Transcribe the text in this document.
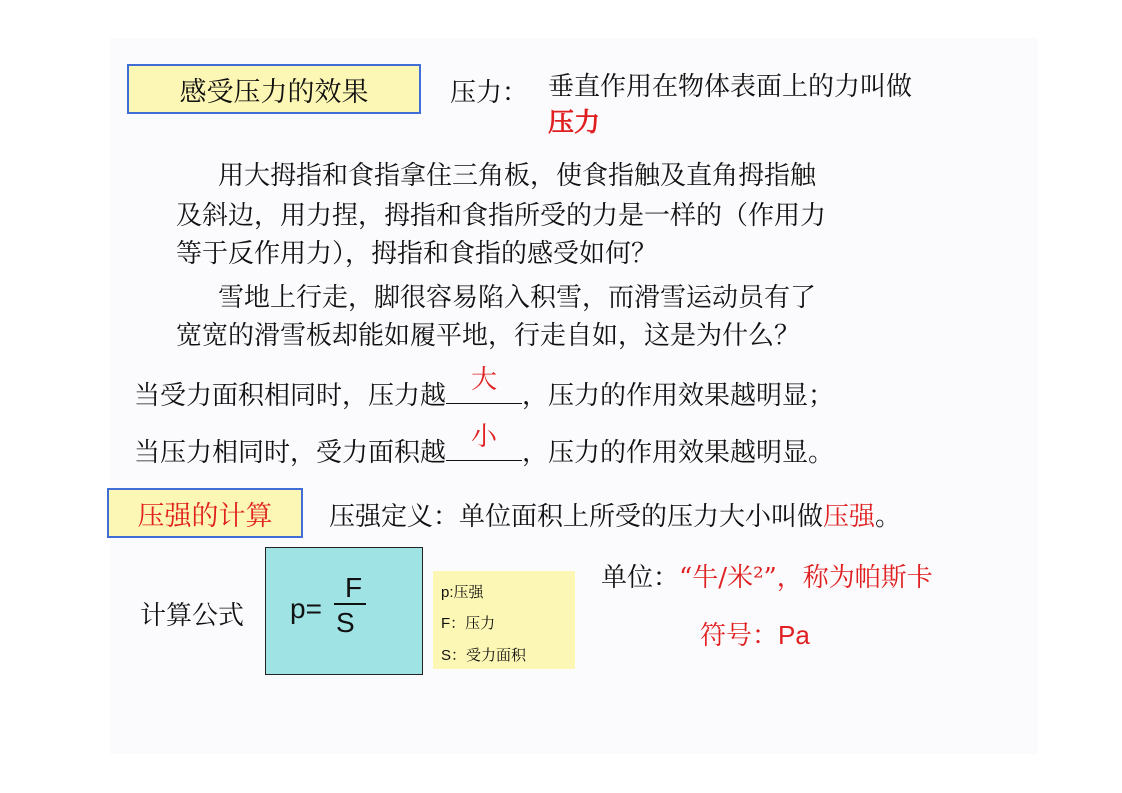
感受压力的效果	压力： 垂直作用在物体表面上的力叫做
压力
用大拇指和食指拿住三角板，使食指触及直角拇指触
及斜边，用力捏，拇指和食指所受的力是一样的（作用力
等于反作用力），拇指和食指的感受如何？
雪地上行走，脚很容易陷入积雪，而滑雪运动员有了
宽宽的滑雪板却能如履平地，行走自如，这是为什么？
当受力面积相同时，压力越
大
，压力的作用效果越明显；
当压力相同时，受力面积越
小
，压力的作用效果越明显。
压强的计算 压强定义：单位面积上所受的压力大小叫做压强。
计算公式 p=
F
S
p:压强
F：压力
S：受力面积
单位：“牛/米²”，称为帕斯卡
符号：Pa
